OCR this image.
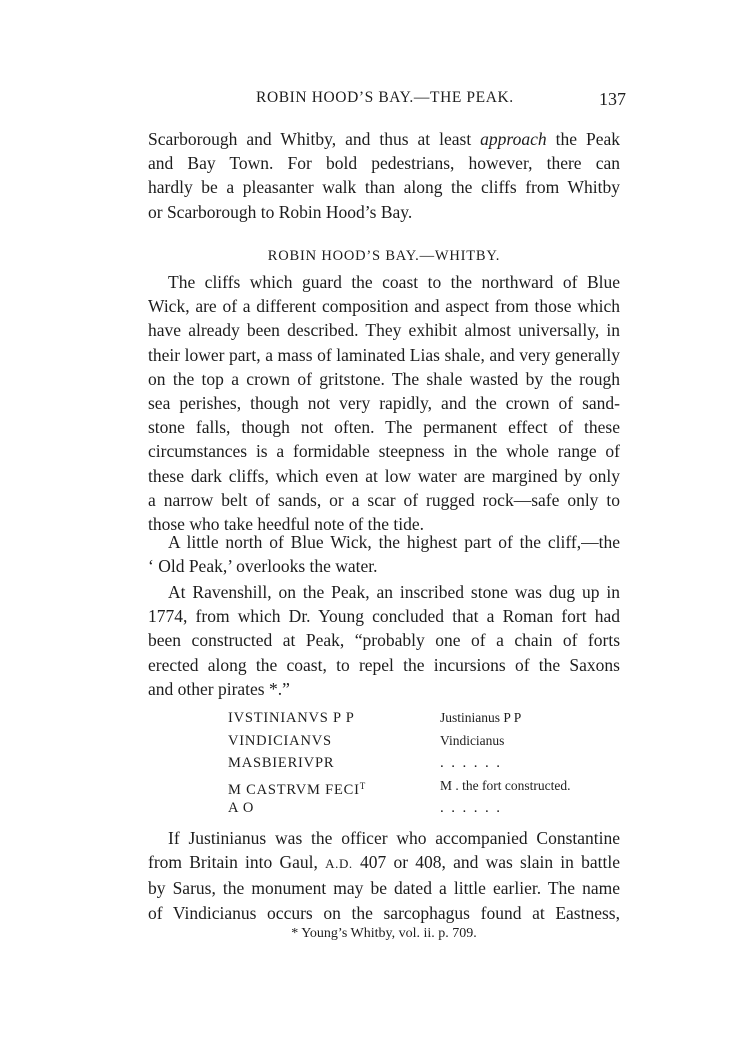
ROBIN HOOD’S BAY.—THE PEAK.	137
Scarborough and Whitby, and thus at least approach the Peak
and Bay Town. For bold pedestrians, however, there can
hardly be a pleasanter walk than along the cliffs from Whitby
or Scarborough to Robin Hood’s Bay.
ROBIN HOOD’S BAY.—WHITBY.
The cliffs which guard the coast to the northward of Blue
Wick, are of a different composition and aspect from those which
have already been described. They exhibit almost universally, in
their lower part, a mass of laminated Lias shale, and very generally
on the top a crown of gritstone. The shale wasted by the rough
sea perishes, though not very rapidly, and the crown of sand-
stone falls, though not often. The permanent effect of these
circumstances is a formidable steepness in the whole range of
these dark cliffs, which even at low water are margined by only
a narrow belt of sands, or a scar of rugged rock—safe only to
those who take heedful note of the tide.
A little north of Blue Wick, the highest part of the cliff,—the
‘ Old Peak,’ overlooks the water.
At Ravenshill, on the Peak, an inscribed stone was dug up in
1774, from which Dr. Young concluded that a Roman fort had
been constructed at Peak, “probably one of a chain of forts
erected along the coast, to repel the incursions of the Saxons
and other pirates *.”
IVSTINIANVS P P	Justinianus P P
VINDICIANVS	Vindicianus
MASBIERIVPR	......
M CASTRVM $FECI^T$	M . the fort constructed.
A O	......
If Justinianus was the officer who accompanied Constantine
from Britain into Gaul, A.D. 407 or 408, and was slain in battle
by Sarus, the monument may be dated a little earlier. The name
of Vindicianus occurs on the sarcophagus found at Eastness,
* Young’s Whitby, vol. ii. p. 709.
